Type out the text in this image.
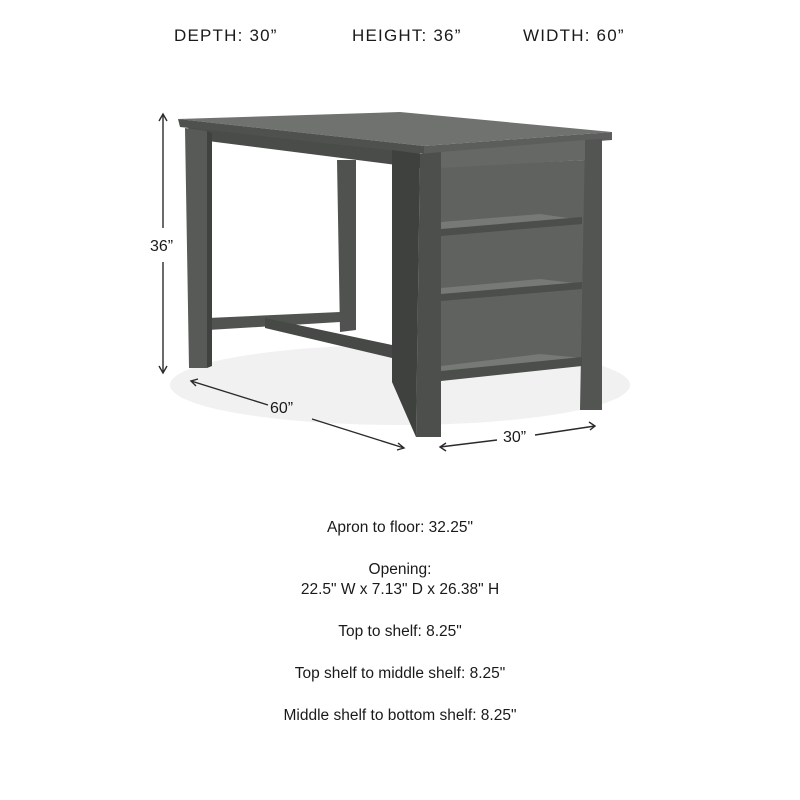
DEPTH: 30”	HEIGHT: 36”	WIDTH: 60”
36”
60”
30”

Apron to floor: 32.25"

Opening:
22.5" W x 7.13" D x 26.38" H

Top to shelf: 8.25"

Top shelf to middle shelf: 8.25"

Middle shelf to bottom shelf: 8.25"
